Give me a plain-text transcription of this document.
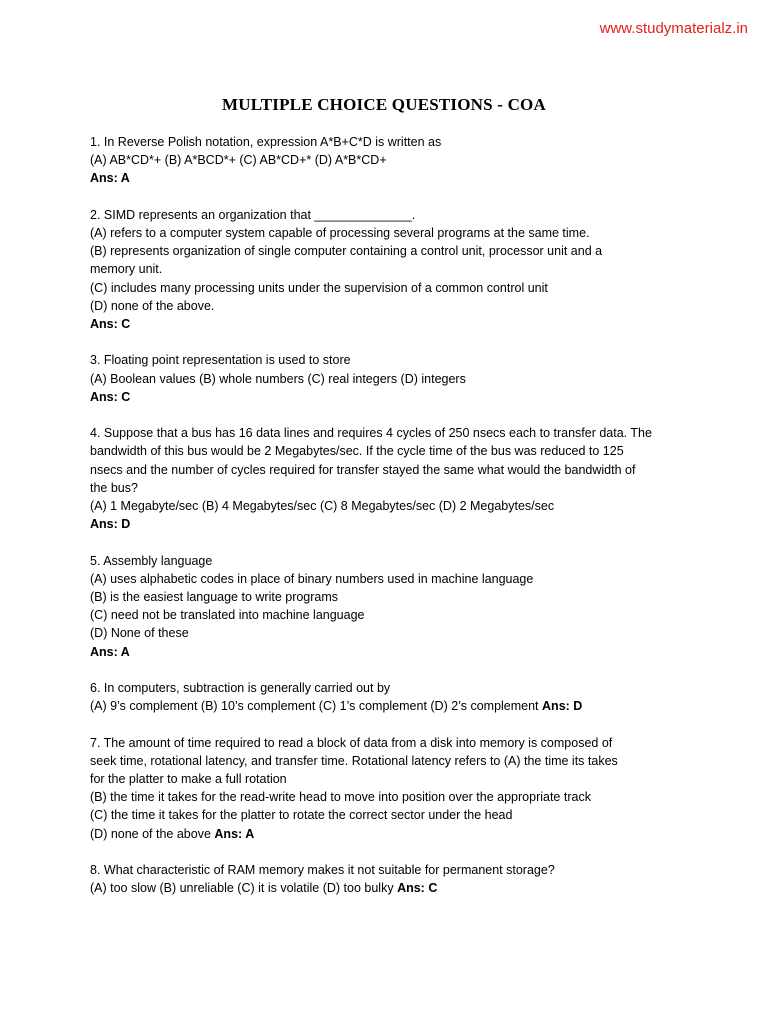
www.studymaterialz.in
MULTIPLE CHOICE QUESTIONS - COA
1. In Reverse Polish notation, expression A*B+C*D is written as
(A) AB*CD*+ (B) A*BCD*+ (C) AB*CD+* (D) A*B*CD+
Ans: A
2. SIMD represents an organization that ______________.
(A) refers to a computer system capable of processing several programs at the same time.
(B) represents organization of single computer containing a control unit, processor unit and a
memory unit.
(C) includes many processing units under the supervision of a common control unit
(D) none of the above.
Ans: C
3. Floating point representation is used to store
(A) Boolean values (B) whole numbers (C) real integers (D) integers
Ans: C
4. Suppose that a bus has 16 data lines and requires 4 cycles of 250 nsecs each to transfer data. The
bandwidth of this bus would be 2 Megabytes/sec. If the cycle time of the bus was reduced to 125
nsecs and the number of cycles required for transfer stayed the same what would the bandwidth of
the bus?
(A) 1 Megabyte/sec (B) 4 Megabytes/sec (C) 8 Megabytes/sec (D) 2 Megabytes/sec
Ans: D
5. Assembly language
(A) uses alphabetic codes in place of binary numbers used in machine language
(B) is the easiest language to write programs
(C) need not be translated into machine language
(D) None of these
Ans: A
6. In computers, subtraction is generally carried out by
(A) 9’s complement (B) 10’s complement (C) 1’s complement (D) 2’s complement Ans: D
7. The amount of time required to read a block of data from a disk into memory is composed of
seek time, rotational latency, and transfer time. Rotational latency refers to (A) the time its takes
for the platter to make a full rotation
(B) the time it takes for the read-write head to move into position over the appropriate track
(C) the time it takes for the platter to rotate the correct sector under the head
(D) none of the above Ans: A
8. What characteristic of RAM memory makes it not suitable for permanent storage?
(A) too slow (B) unreliable (C) it is volatile (D) too bulky Ans: C
